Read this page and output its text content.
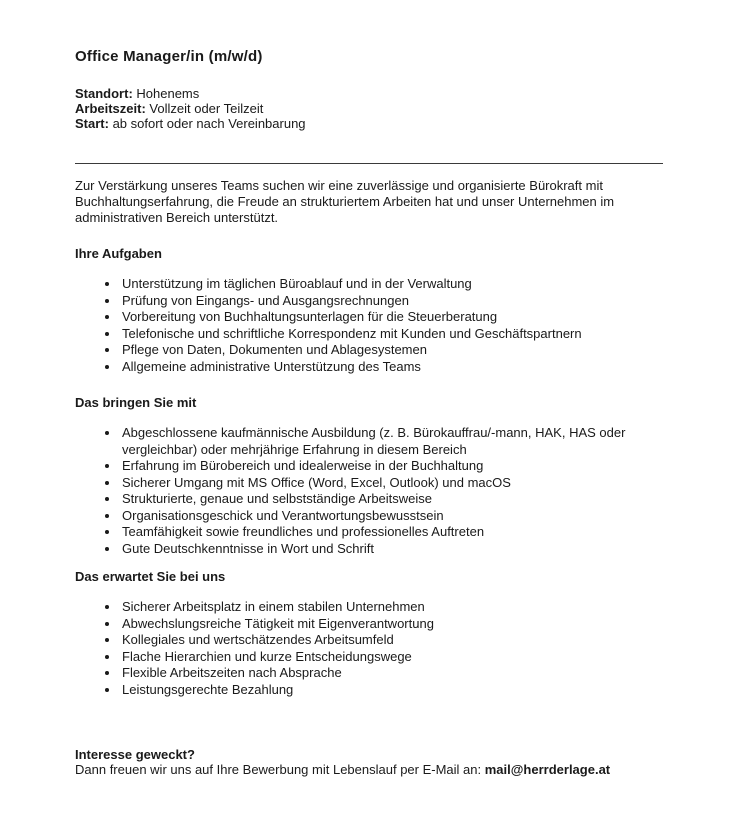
Office Manager/in (m/w/d)
Standort: Hohenems
Arbeitszeit: Vollzeit oder Teilzeit
Start: ab sofort oder nach Vereinbarung

Zur Verstärkung unseres Teams suchen wir eine zuverlässige und organisierte Bürokraft mit Buchhaltungserfahrung, die Freude an strukturiertem Arbeiten hat und unser Unternehmen im administrativen Bereich unterstützt.

Ihre Aufgaben
• Unterstützung im täglichen Büroablauf und in der Verwaltung
• Prüfung von Eingangs- und Ausgangsrechnungen
• Vorbereitung von Buchhaltungsunterlagen für die Steuerberatung
• Telefonische und schriftliche Korrespondenz mit Kunden und Geschäftspartnern
• Pflege von Daten, Dokumenten und Ablagesystemen
• Allgemeine administrative Unterstützung des Teams
Das bringen Sie mit
• Abgeschlossene kaufmännische Ausbildung (z. B. Bürokauffrau/-mann, HAK, HAS oder vergleichbar) oder mehrjährige Erfahrung in diesem Bereich
• Erfahrung im Bürobereich und idealerweise in der Buchhaltung
• Sicherer Umgang mit MS Office (Word, Excel, Outlook) und macOS
• Strukturierte, genaue und selbstständige Arbeitsweise
• Organisationsgeschick und Verantwortungsbewusstsein
• Teamfähigkeit sowie freundliches und professionelles Auftreten
• Gute Deutschkenntnisse in Wort und Schrift
Das erwartet Sie bei uns
• Sicherer Arbeitsplatz in einem stabilen Unternehmen
• Abwechslungsreiche Tätigkeit mit Eigenverantwortung
• Kollegiales und wertschätzendes Arbeitsumfeld
• Flache Hierarchien und kurze Entscheidungswege
• Flexible Arbeitszeiten nach Absprache
• Leistungsgerechte Bezahlung
Interesse geweckt?
Dann freuen wir uns auf Ihre Bewerbung mit Lebenslauf per E-Mail an: mail@herrderlage.at
